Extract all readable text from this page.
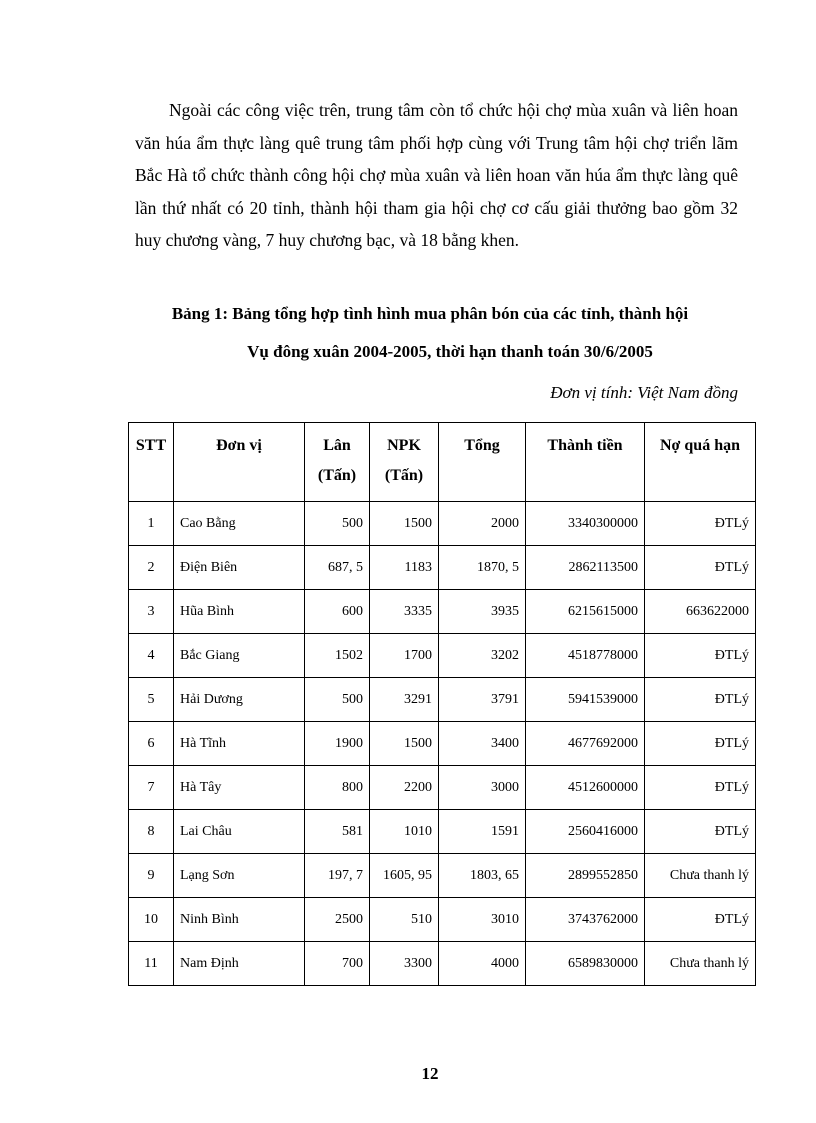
Ngoài các công việc trên, trung tâm còn tổ chức hội chợ mùa xuân và liên hoan văn húa ẩm thực làng quê trung tâm phối hợp cùng với Trung tâm hội chợ triển lãm Bắc Hà tổ chức thành công hội chợ mùa xuân và liên hoan văn húa ẩm thực làng quê lần thứ nhất có 20 tỉnh, thành hội tham gia hội chợ cơ cấu giải thưởng bao gồm 32 huy chương vàng, 7 huy chương bạc, và 18 bằng khen.
Bảng 1: Bảng tổng hợp tình hình mua phân bón của các tỉnh, thành hội
Vụ đông xuân 2004-2005, thời hạn thanh toán 30/6/2005
Đơn vị tính: Việt Nam đồng
STT	Đơn vị	Lân (Tấn)	NPK (Tấn)	Tổng	Thành tiền	Nợ quá hạn
1	Cao Bằng	500	1500	2000	3340300000	ĐTLý
2	Điện Biên	687, 5	1183	1870, 5	2862113500	ĐTLý
3	Hũa Bình	600	3335	3935	6215615000	663622000
4	Bắc Giang	1502	1700	3202	4518778000	ĐTLý
5	Hải Dương	500	3291	3791	5941539000	ĐTLý
6	Hà Tĩnh	1900	1500	3400	4677692000	ĐTLý
7	Hà Tây	800	2200	3000	4512600000	ĐTLý
8	Lai Châu	581	1010	1591	2560416000	ĐTLý
9	Lạng Sơn	197, 7	1605, 95	1803, 65	2899552850	Chưa thanh lý
10	Ninh Bình	2500	510	3010	3743762000	ĐTLý
11	Nam Định	700	3300	4000	6589830000	Chưa thanh lý
12
